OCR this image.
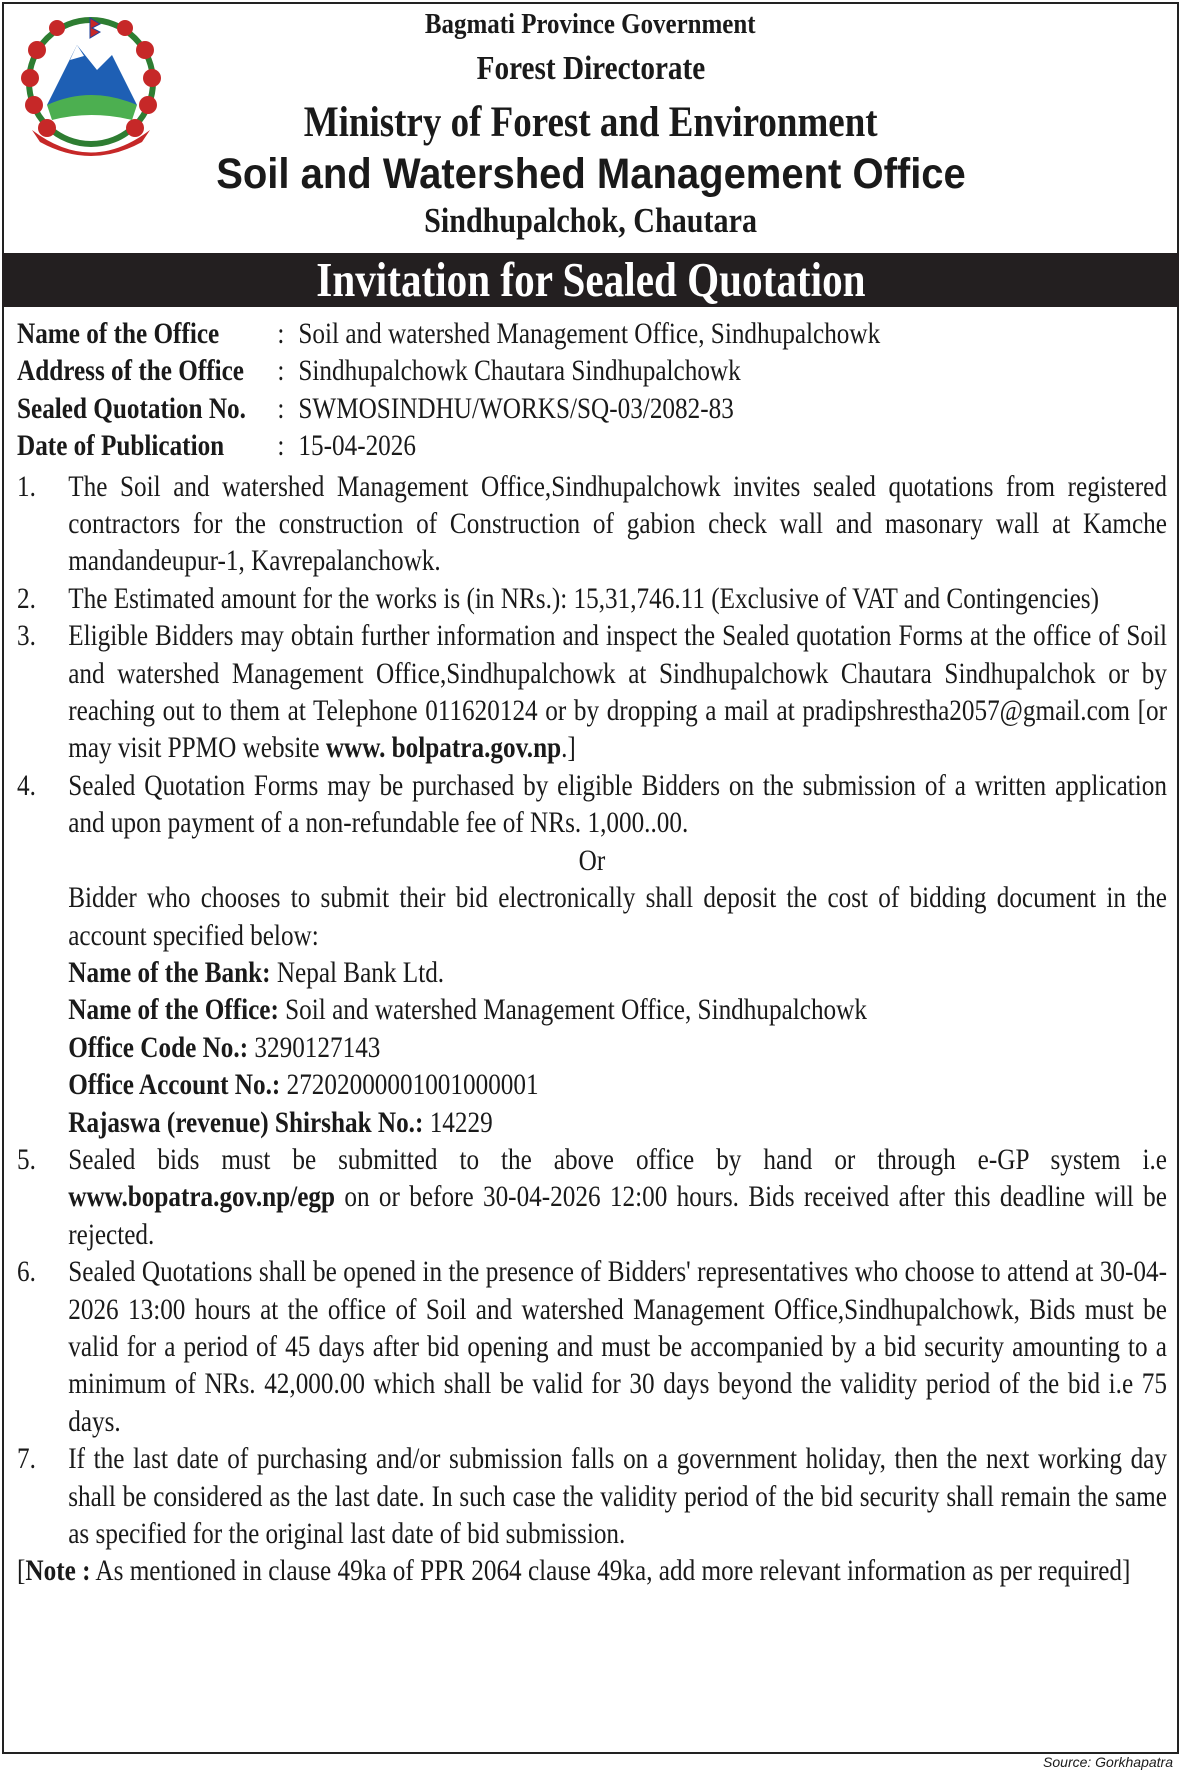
Bagmati Province Government
Forest Directorate
Ministry of Forest and Environment
Soil and Watershed Management Office
Sindhupalchok, Chautara
Invitation for Sealed Quotation
Name of the Office	: Soil and watershed Management Office, Sindhupalchowk
Address of the Office	: Sindhupalchowk Chautara Sindhupalchowk
Sealed Quotation No.	: SWMOSINDHU/WORKS/SQ-03/2082-83
Date of Publication	: 15-04-2026
1.	The Soil and watershed Management Office,Sindhupalchowk invites sealed quotations from registered contractors for the construction of Construction of gabion check wall and masonary wall at Kamche mandandeupur-1, Kavrepalanchowk.
2.	The Estimated amount for the works is (in NRs.): 15,31,746.11 (Exclusive of VAT and Contingencies)
3.	Eligible Bidders may obtain further information and inspect the Sealed quotation Forms at the office of Soil and watershed Management Office,Sindhupalchowk at Sindhupalchowk Chautara Sindhupalchok or by reaching out to them at Telephone 011620124 or by dropping a mail at pradipshrestha2057@gmail.com [or may visit PPMO website www. bolpatra.gov.np.]
4.	Sealed Quotation Forms may be purchased by eligible Bidders on the submission of a written application and upon payment of a non-refundable fee of NRs. 1,000..00.
Or
Bidder who chooses to submit their bid electronically shall deposit the cost of bidding document in the account specified below:
Name of the Bank: Nepal Bank Ltd.
Name of the Office: Soil and watershed Management Office, Sindhupalchowk
Office Code No.: 3290127143
Office Account No.: 27202000001001000001
Rajaswa (revenue) Shirshak No.: 14229
5.	Sealed bids must be submitted to the above office by hand or through e-GP system i.e www.bopatra.gov.np/egp on or before 30-04-2026 12:00 hours. Bids received after this deadline will be rejected.
6.	Sealed Quotations shall be opened in the presence of Bidders' representatives who choose to attend at 30-04-2026 13:00 hours at the office of Soil and watershed Management Office,Sindhupalchowk, Bids must be valid for a period of 45 days after bid opening and must be accompanied by a bid security amounting to a minimum of NRs. 42,000.00 which shall be valid for 30 days beyond the validity period of the bid i.e 75 days.
7.	If the last date of purchasing and/or submission falls on a government holiday, then the next working day shall be considered as the last date. In such case the validity period of the bid security shall remain the same as specified for the original last date of bid submission.
[Note : As mentioned in clause 49ka of PPR 2064 clause 49ka, add more relevant information as per required]
Source: Gorkhapatra
